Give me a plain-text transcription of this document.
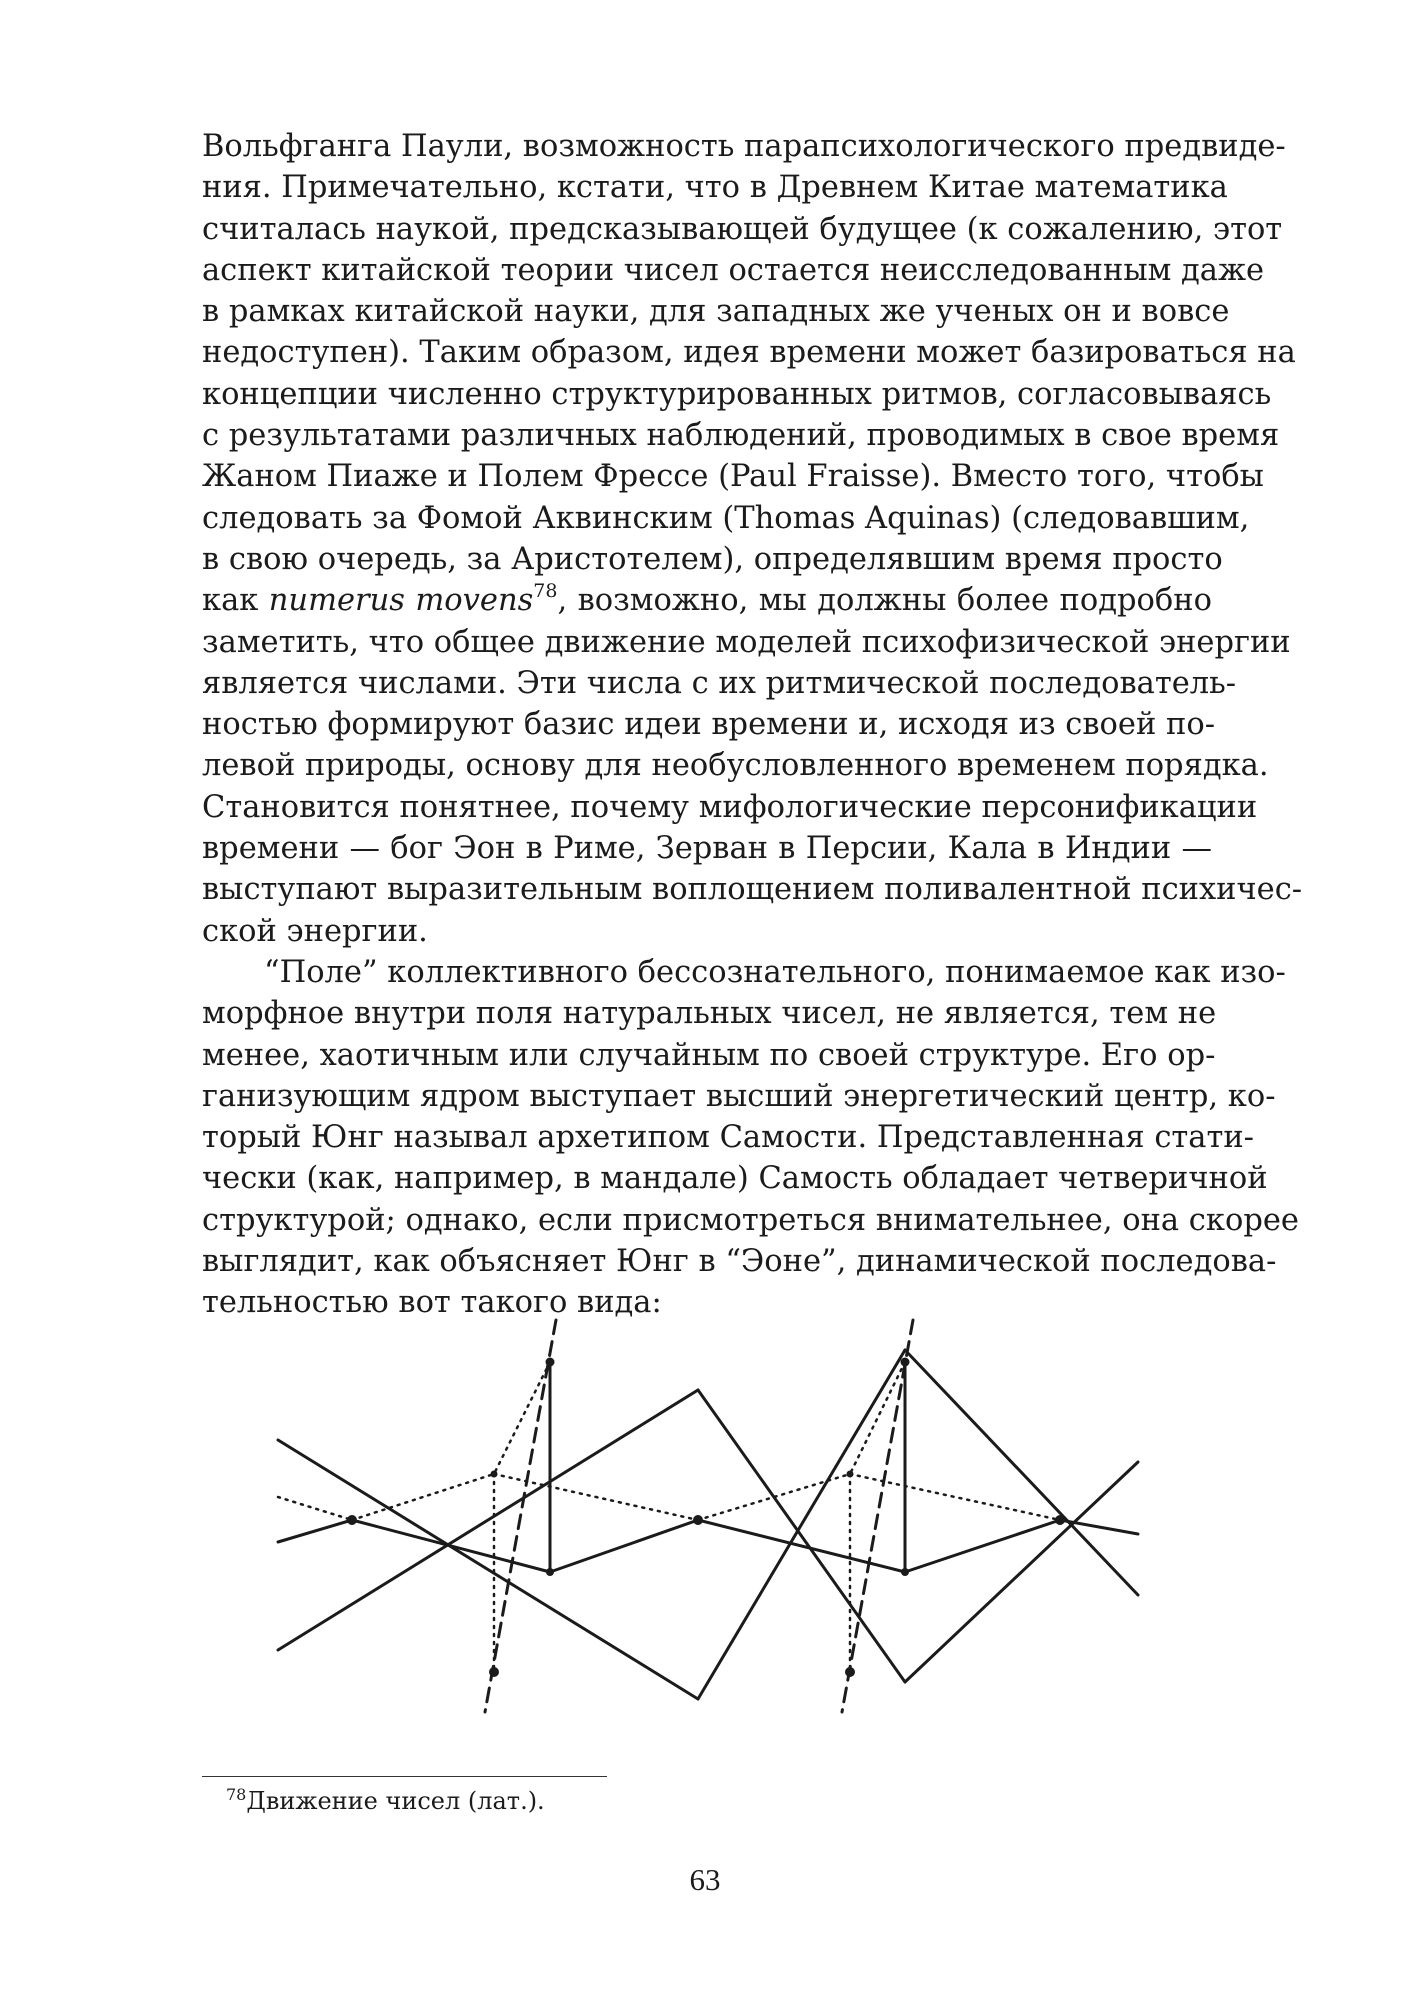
Вольфганга Паули, возможность парапсихологического предвиде-
ния. Примечательно, кстати, что в Древнем Китае математика
считалась наукой, предсказывающей будущее (к сожалению, этот
аспект китайской теории чисел остается неисследованным даже
в рамках китайской науки, для западных же ученых он и вовсе
недоступен). Таким образом, идея времени может базироваться на
концепции численно структурированных ритмов, согласовываясь
с результатами различных наблюдений, проводимых в свое время
Жаном Пиаже и Полем Фрессе (Paul Fraisse). Вместо того, чтобы
следовать за Фомой Аквинским (Thomas Aquinas) (следовавшим,
в свою очередь, за Аристотелем), определявшим время просто
как numerus movens$^{78}$, возможно, мы должны более подробно
заметить, что общее движение моделей психофизической энергии
является числами. Эти числа с их ритмической последователь-
ностью формируют базис идеи времени и, исходя из своей по-
левой природы, основу для необусловленного временем порядка.
Становится понятнее, почему мифологические персонификации
времени — бог Эон в Риме, Зерван в Персии, Кала в Индии —
выступают выразительным воплощением поливалентной психичес-
ской энергии.
“Поле” коллективного бессознательного, понимаемое как изо-
морфное внутри поля натуральных чисел, не является, тем не
менее, хаотичным или случайным по своей структуре. Его ор-
ганизующим ядром выступает высший энергетический центр, ко-
торый Юнг называл архетипом Самости. Представленная стати-
чески (как, например, в мандале) Самость обладает четверичной
структурой; однако, если присмотреться внимательнее, она скорее
выглядит, как объясняет Юнг в “Эоне”, динамической последова-
тельностью вот такого вида:
$^{78}$Движение чисел (лат.).
63
